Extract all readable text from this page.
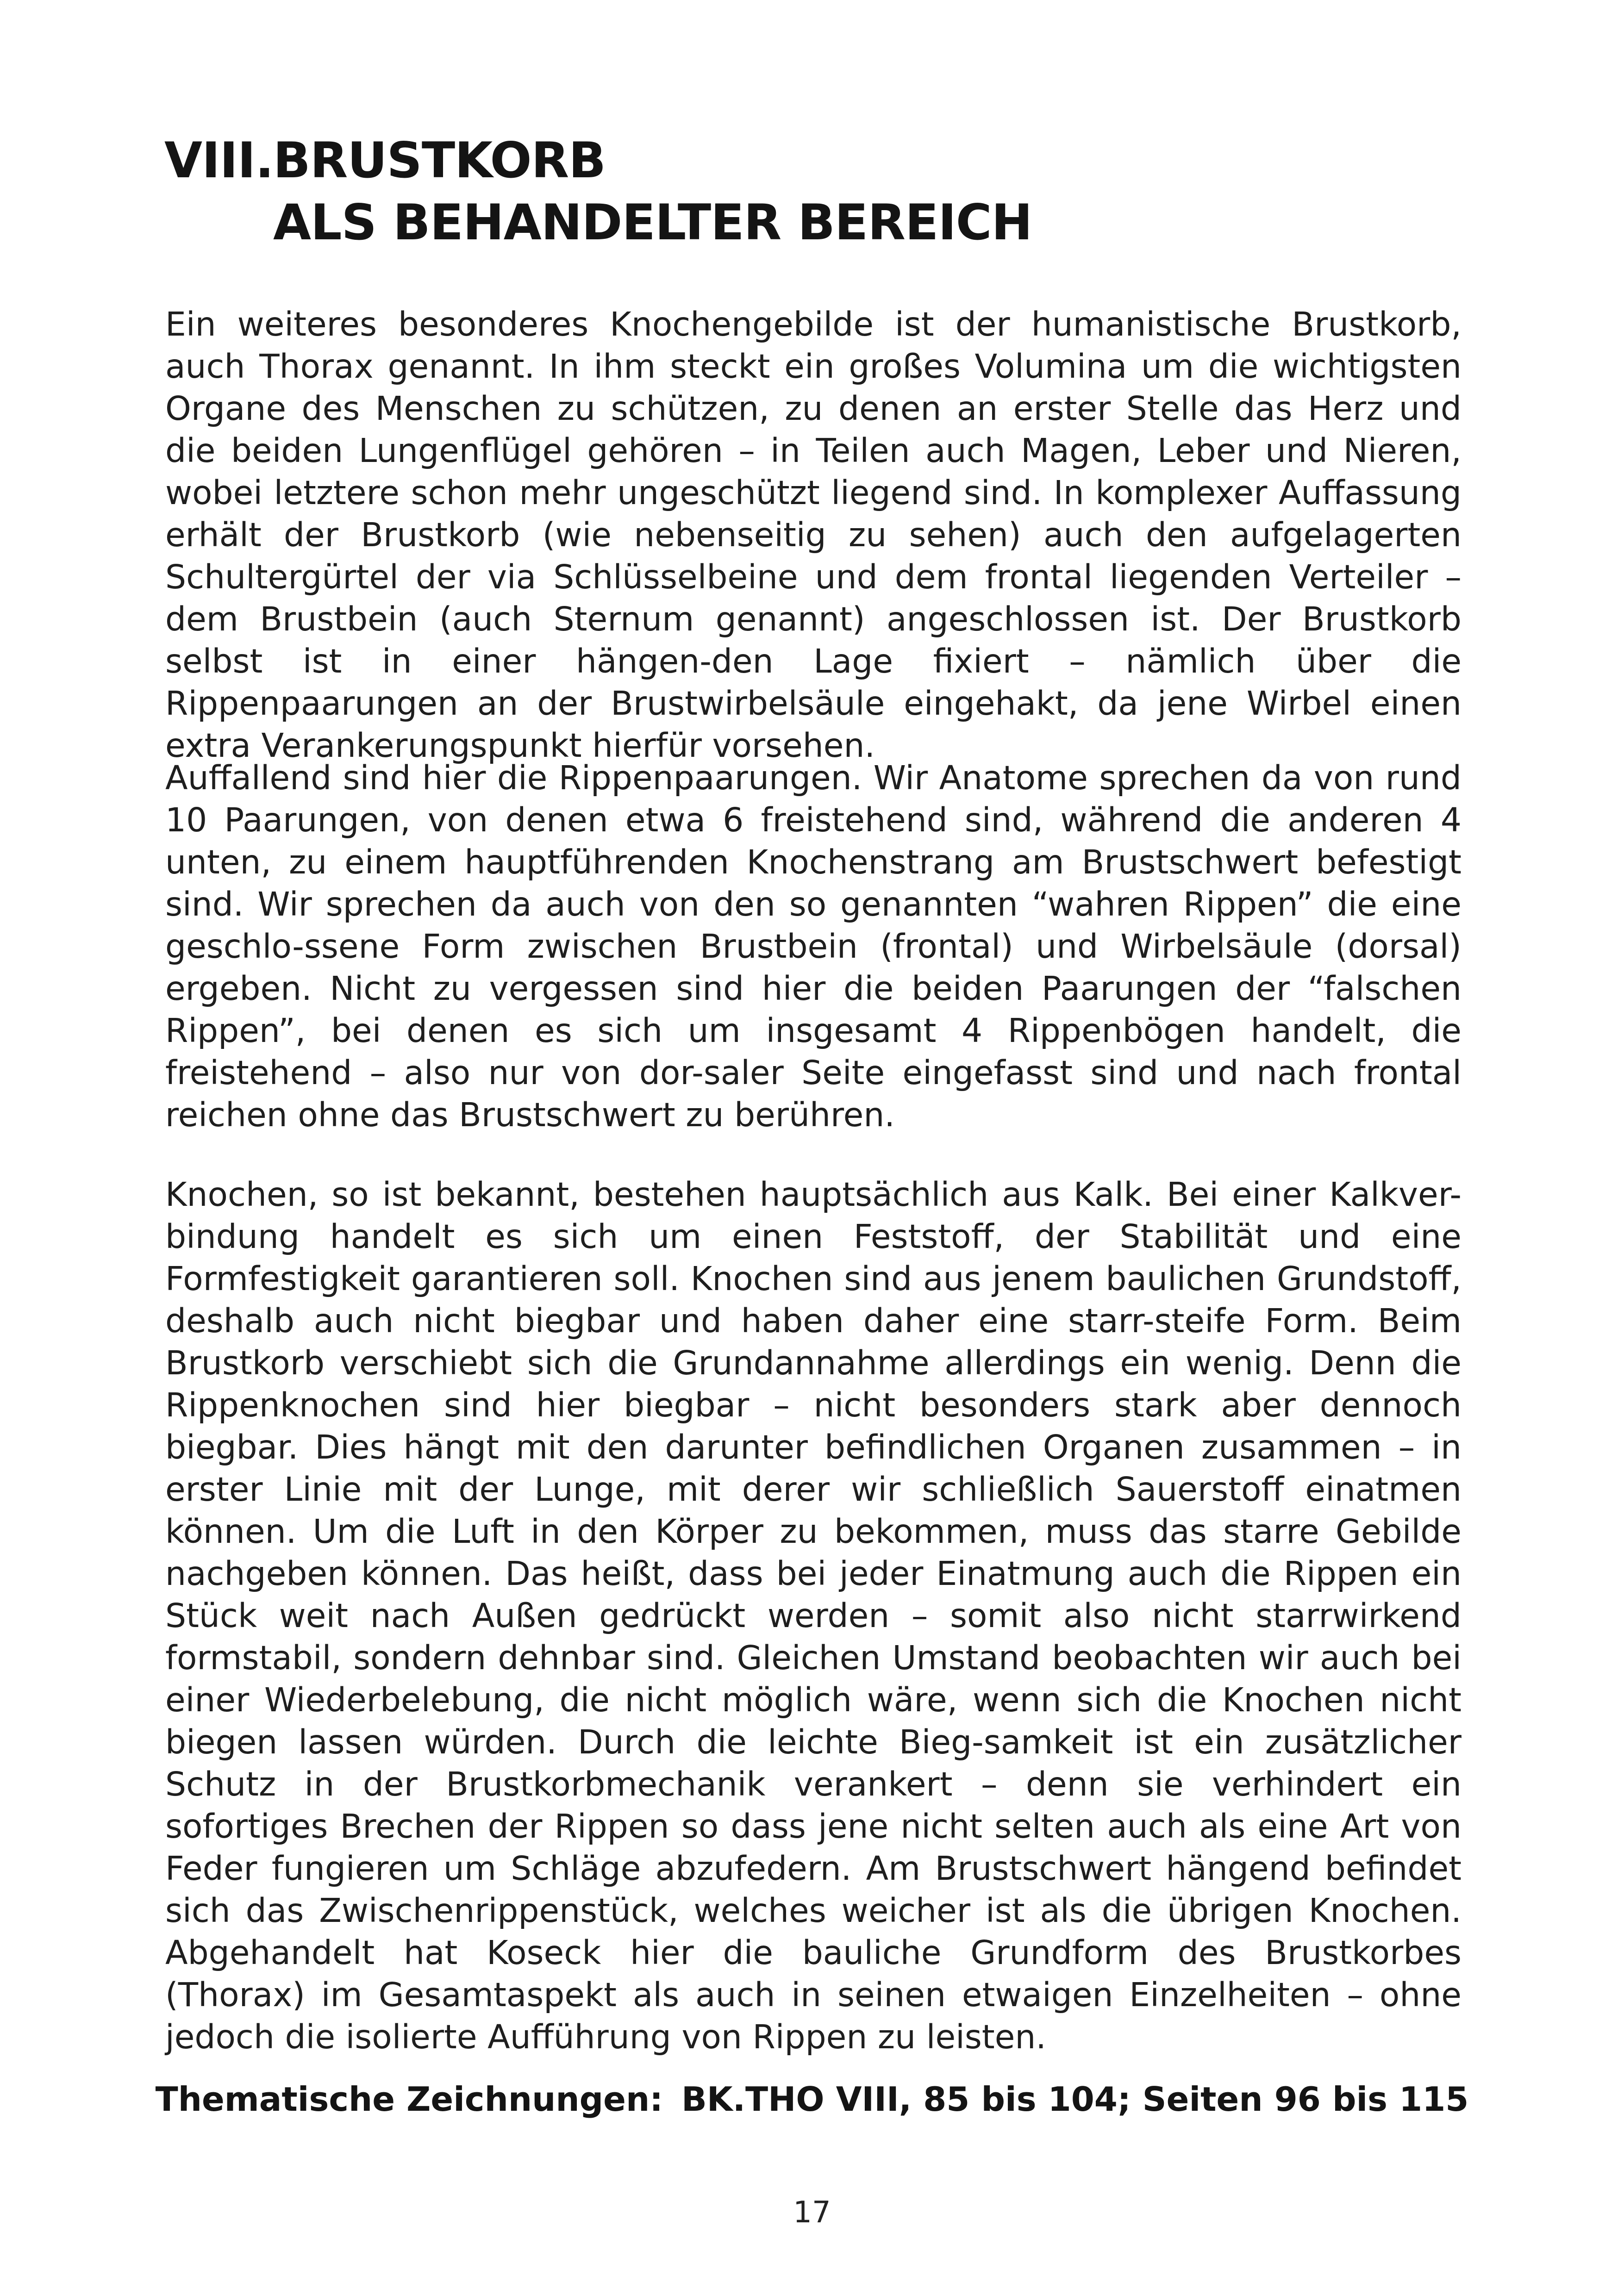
VIII.BRUSTKORB
ALS BEHANDELTER BEREICH

Ein weiteres besonderes Knochengebilde ist der humanistische Brustkorb, auch Thorax genannt. In ihm steckt ein großes Volumina um die wichtigsten Organe des Menschen zu schützen, zu denen an erster Stelle das Herz und die beiden Lungenflügel gehören – in Teilen auch Magen, Leber und Nieren, wobei letztere schon mehr ungeschützt liegend sind. In komplexer Auffassung erhält der Brustkorb (wie nebenseitig zu sehen) auch den aufgelagerten Schultergürtel der via Schlüsselbeine und dem frontal liegenden Verteiler – dem Brustbein (auch Sternum genannt) angeschlossen ist. Der Brustkorb selbst ist in einer hängen-den Lage fixiert – nämlich über die Rippenpaarungen an der Brustwirbelsäule eingehakt, da jene Wirbel einen extra Verankerungspunkt hierfür vorsehen.

Auffallend sind hier die Rippenpaarungen. Wir Anatome sprechen da von rund 10 Paarungen, von denen etwa 6 freistehend sind, während die anderen 4 unten, zu einem hauptführenden Knochenstrang am Brustschwert befestigt sind. Wir sprechen da auch von den so genannten “wahren Rippen” die eine geschlo-ssene Form zwischen Brustbein (frontal) und Wirbelsäule (dorsal) ergeben. Nicht zu vergessen sind hier die beiden Paarungen der “falschen Rippen”, bei denen es sich um insgesamt 4 Rippenbögen handelt, die freistehend – also nur von dor-saler Seite eingefasst sind und nach frontal reichen ohne das Brustschwert zu berühren.

Knochen, so ist bekannt, bestehen hauptsächlich aus Kalk. Bei einer Kalkver-bindung handelt es sich um einen Feststoff, der Stabilität und eine Formfestigkeit garantieren soll. Knochen sind aus jenem baulichen Grundstoff, deshalb auch nicht biegbar und haben daher eine starr-steife Form. Beim Brustkorb verschiebt sich die Grundannahme allerdings ein wenig. Denn die Rippenknochen sind hier biegbar – nicht besonders stark aber dennoch biegbar. Dies hängt mit den darunter befindlichen Organen zusammen – in erster Linie mit der Lunge, mit derer wir schließlich Sauerstoff einatmen können. Um die Luft in den Körper zu bekommen, muss das starre Gebilde nachgeben können. Das heißt, dass bei jeder Einatmung auch die Rippen ein Stück weit nach Außen gedrückt werden – somit also nicht starrwirkend formstabil, sondern dehnbar sind. Gleichen Umstand beobachten wir auch bei einer Wiederbelebung, die nicht möglich wäre, wenn sich die Knochen nicht biegen lassen würden. Durch die leichte Bieg-samkeit ist ein zusätzlicher Schutz in der Brustkorbmechanik verankert – denn sie verhindert ein sofortiges Brechen der Rippen so dass jene nicht selten auch als eine Art von Feder fungieren um Schläge abzufedern. Am Brustschwert hängend befindet sich das Zwischenrippenstück, welches weicher ist als die übrigen Knochen. Abgehandelt hat Koseck hier die bauliche Grundform des Brustkorbes (Thorax) im Gesamtaspekt als auch in seinen etwaigen Einzelheiten – ohne jedoch die isolierte Aufführung von Rippen zu leisten.

Thematische Zeichnungen: BK.THO VIII, 85 bis 104; Seiten 96 bis 115

17
